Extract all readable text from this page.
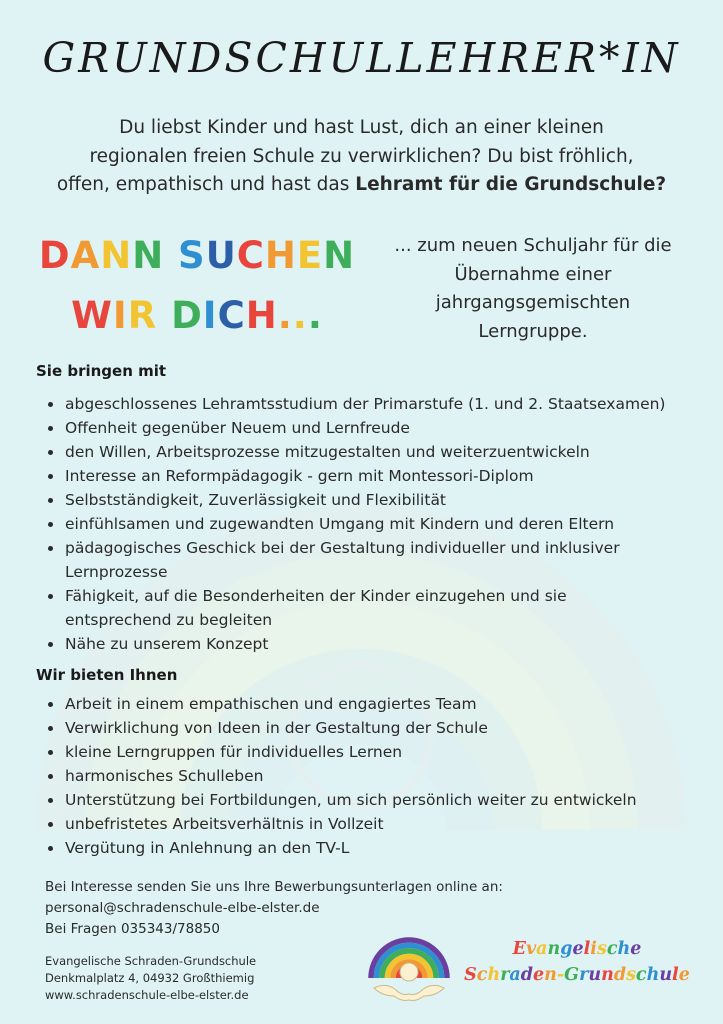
GRUNDSCHULLEHRER*IN
Du liebst Kinder und hast Lust, dich an einer kleinen
regionalen freien Schule zu verwirklichen? Du bist fröhlich,
offen, empathisch und hast das Lehramt für die Grundschule?
DANN SUCHEN
WIR DICH...
... zum neuen Schuljahr für die
Übernahme einer
jahrgangsgemischten
Lerngruppe.
Sie bringen mit
abgeschlossenes Lehramtsstudium der Primarstufe (1. und 2. Staatsexamen)
Offenheit gegenüber Neuem und Lernfreude
den Willen, Arbeitsprozesse mitzugestalten und weiterzuentwickeln
Interesse an Reformpädagogik - gern mit Montessori-Diplom
Selbstständigkeit, Zuverlässigkeit und Flexibilität
einfühlsamen und zugewandten Umgang mit Kindern und deren Eltern
pädagogisches Geschick bei der Gestaltung individueller und inklusiver Lernprozesse
Fähigkeit, auf die Besonderheiten der Kinder einzugehen und sie entsprechend zu begleiten
Nähe zu unserem Konzept
Wir bieten Ihnen
Arbeit in einem empathischen und engagiertes Team
Verwirklichung von Ideen in der Gestaltung der Schule
kleine Lerngruppen für individuelles Lernen
harmonisches Schulleben
Unterstützung bei Fortbildungen, um sich persönlich weiter zu entwickeln
unbefristetes Arbeitsverhältnis in Vollzeit
Vergütung in Anlehnung an den TV-L
Bei Interesse senden Sie uns Ihre Bewerbungsunterlagen online an:
personal@schradenschule-elbe-elster.de
Bei Fragen 035343/78850
Evangelische Schraden-Grundschule
Denkmalplatz 4, 04932 Großthiemig
www.schradenschule-elbe-elster.de
Evangelische
Schraden-Grundschule
